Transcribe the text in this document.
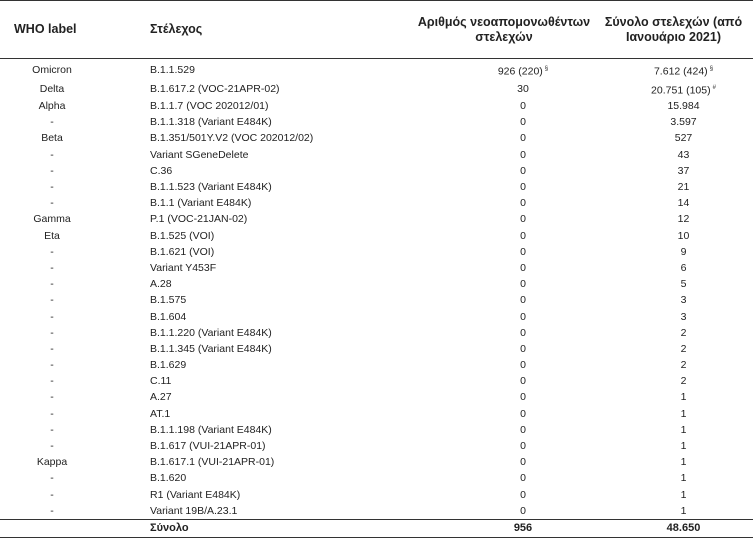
WHO label	Στέλεχος	Αριθμός νεοαπομονωθέντων στελεχών	Σύνολο στελεχών (από Ιανουάριο 2021)
Omicron	B.1.1.529	926 (220) §	7.612 (424) §
Delta	B.1.617.2 (VOC-21APR-02)	30	20.751 (105) #
Alpha	B.1.1.7 (VOC 202012/01)	0	15.984
-	B.1.1.318 (Variant E484K)	0	3.597
Beta	B.1.351/501Y.V2 (VOC 202012/02)	0	527
-	Variant SGeneDelete	0	43
-	C.36	0	37
-	B.1.1.523 (Variant E484K)	0	21
-	B.1.1 (Variant E484K)	0	14
Gamma	P.1 (VOC-21JAN-02)	0	12
Eta	B.1.525 (VOI)	0	10
-	B.1.621 (VOI)	0	9
-	Variant Y453F	0	6
-	A.28	0	5
-	B.1.575	0	3
-	B.1.604	0	3
-	B.1.1.220 (Variant E484K)	0	2
-	B.1.1.345 (Variant E484K)	0	2
-	B.1.629	0	2
-	C.11	0	2
-	A.27	0	1
-	AT.1	0	1
-	B.1.1.198 (Variant E484K)	0	1
-	B.1.617 (VUI-21APR-01)	0	1
Kappa	B.1.617.1 (VUI-21APR-01)	0	1
-	B.1.620	0	1
-	R1 (Variant E484K)	0	1
-	Variant 19B/A.23.1	0	1
	Σύνολο	956	48.650
